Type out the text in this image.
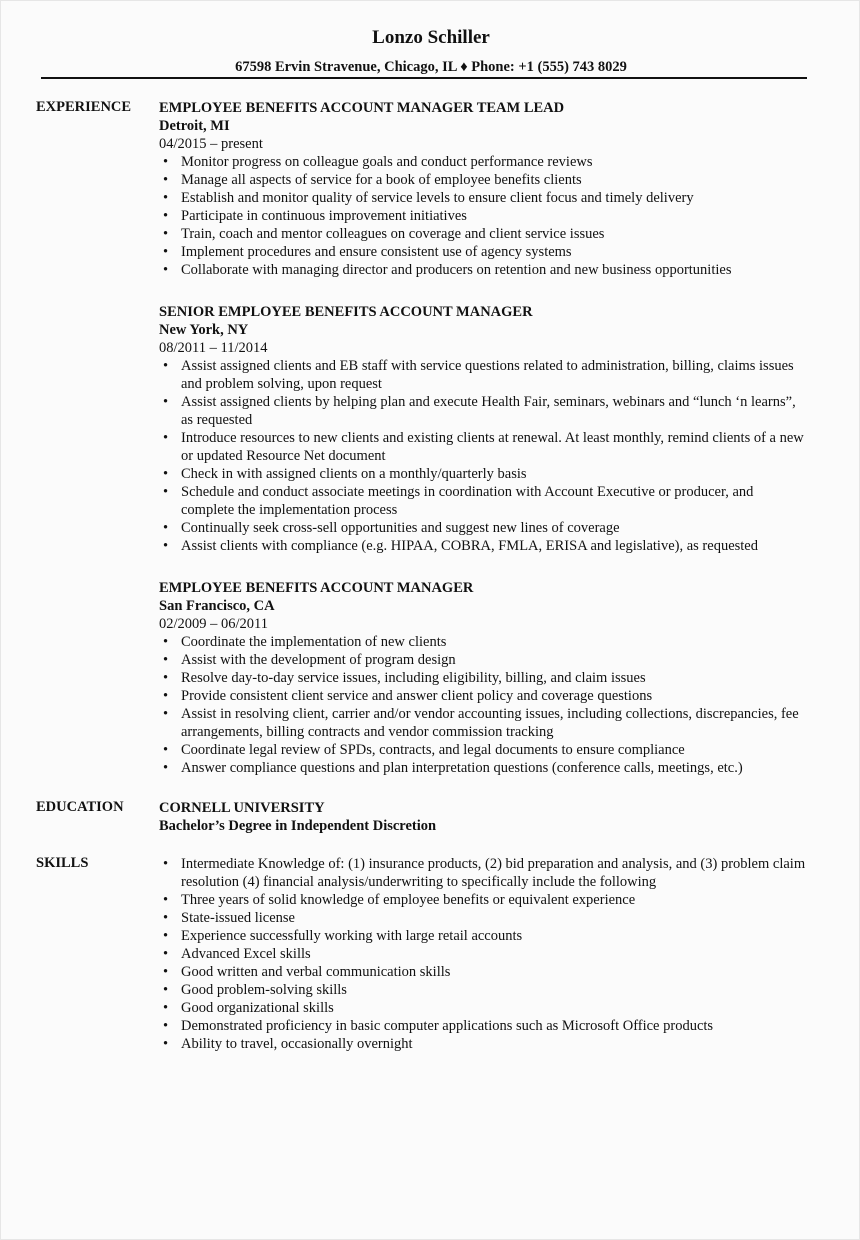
Lonzo Schiller
67598 Ervin Stravenue, Chicago, IL ♦ Phone: +1 (555) 743 8029
EXPERIENCE EMPLOYEE BENEFITS ACCOUNT MANAGER TEAM LEAD
Detroit, MI
04/2015 – present
• Monitor progress on colleague goals and conduct performance reviews
• Manage all aspects of service for a book of employee benefits clients
• Establish and monitor quality of service levels to ensure client focus and timely delivery
• Participate in continuous improvement initiatives
• Train, coach and mentor colleagues on coverage and client service issues
• Implement procedures and ensure consistent use of agency systems
• Collaborate with managing director and producers on retention and new business opportunities
SENIOR EMPLOYEE BENEFITS ACCOUNT MANAGER
New York, NY
08/2011 – 11/2014
• Assist assigned clients and EB staff with service questions related to administration, billing, claims issues and problem solving, upon request
• Assist assigned clients by helping plan and execute Health Fair, seminars, webinars and “lunch ‘n learns”, as requested
• Introduce resources to new clients and existing clients at renewal. At least monthly, remind clients of a new or updated Resource Net document
• Check in with assigned clients on a monthly/quarterly basis
• Schedule and conduct associate meetings in coordination with Account Executive or producer, and complete the implementation process
• Continually seek cross-sell opportunities and suggest new lines of coverage
• Assist clients with compliance (e.g. HIPAA, COBRA, FMLA, ERISA and legislative), as requested
EMPLOYEE BENEFITS ACCOUNT MANAGER
San Francisco, CA
02/2009 – 06/2011
• Coordinate the implementation of new clients
• Assist with the development of program design
• Resolve day-to-day service issues, including eligibility, billing, and claim issues
• Provide consistent client service and answer client policy and coverage questions
• Assist in resolving client, carrier and/or vendor accounting issues, including collections, discrepancies, fee arrangements, billing contracts and vendor commission tracking
• Coordinate legal review of SPDs, contracts, and legal documents to ensure compliance
• Answer compliance questions and plan interpretation questions (conference calls, meetings, etc.)
EDUCATION CORNELL UNIVERSITY
Bachelor’s Degree in Independent Discretion
SKILLS	• Intermediate Knowledge of: (1) insurance products, (2) bid preparation and analysis, and (3) problem claim resolution (4) financial analysis/underwriting to specifically include the following
• Three years of solid knowledge of employee benefits or equivalent experience
• State-issued license
• Experience successfully working with large retail accounts
• Advanced Excel skills
• Good written and verbal communication skills
• Good problem-solving skills
• Good organizational skills
• Demonstrated proficiency in basic computer applications such as Microsoft Office products
• Ability to travel, occasionally overnight
